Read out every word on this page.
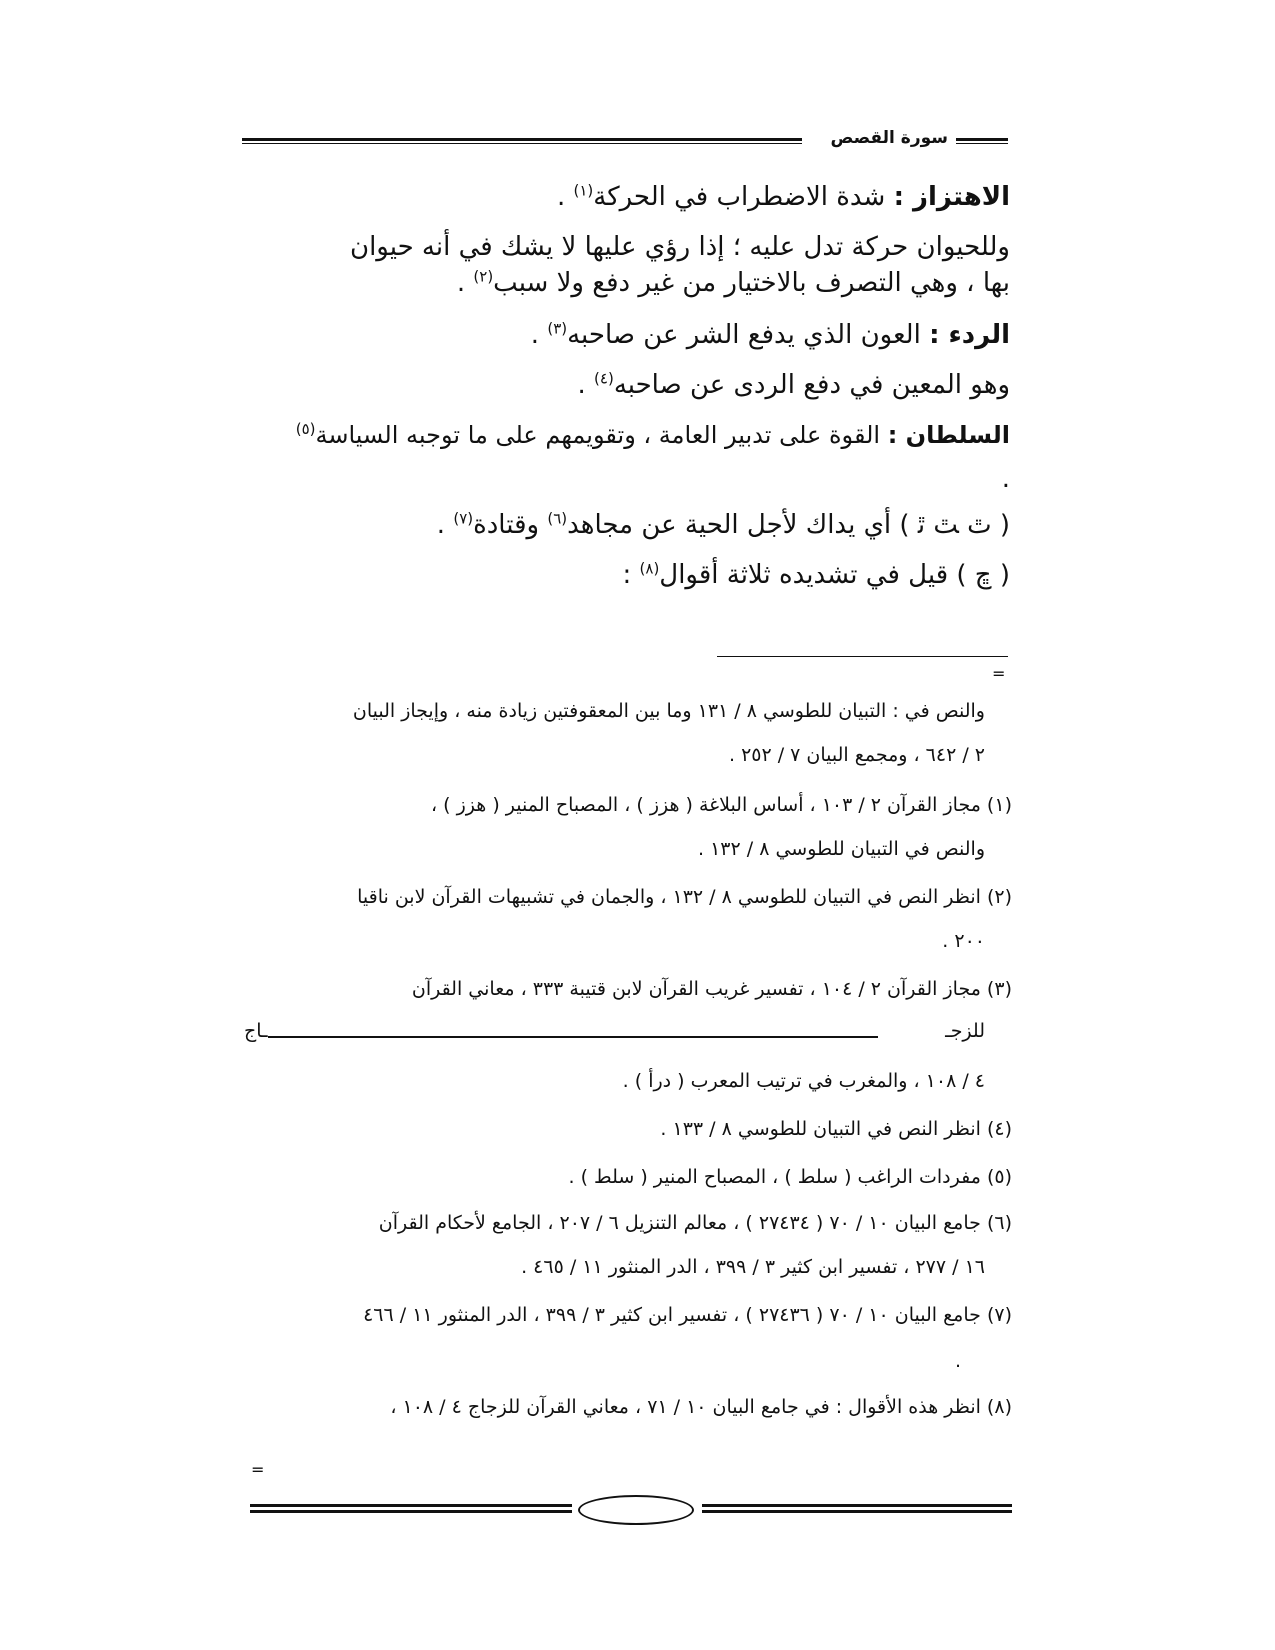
سورة القصص
الاهتزاز : شدة الاضطراب في الحركة$^{(١)}$ .
وللحيوان حركة تدل عليه ؛ إذا رؤي عليها لا يشك في أنه حيوان
بها ، وهي التصرف بالاختيار من غير دفع ولا سبب$^{(٢)}$ .
الردء : العون الذي يدفع الشر عن صاحبه$^{(٣)}$ .
وهو المعين في دفع الردى عن صاحبه$^{(٤)}$ .
السلطان : القوة على تدبير العامة ، وتقويمهم على ما توجبه السياسة$^{(٥)}$
.
( ﭢ ﭣ ﭤ ) أي يداك لأجل الحية عن مجاهد$^{(٦)}$ وقتادة$^{(٧)}$ .
( ﭾ ) قيل في تشديده ثلاثة أقوال$^{(٨)}$ :
=
والنص في : التبيان للطوسي ٨ / ١٣١ وما بين المعقوفتين زيادة منه ، وإيجاز البيان
٢ / ٦٤٢ ، ومجمع البيان ٧ / ٢٥٢ .
(١) مجاز القرآن ٢ / ١٠٣ ، أساس البلاغة ( هزز ) ، المصباح المنير ( هزز ) ،
والنص في التبيان للطوسي ٨ / ١٣٢ .
(٢) انظر النص في التبيان للطوسي ٨ / ١٣٢ ، والجمان في تشبيهات القرآن لابن ناقيا
٢٠٠ .
(٣) مجاز القرآن ٢ / ١٠٤ ، تفسير غريب القرآن لابن قتيبة ٣٣٣ ، معاني القرآن
للزجـ
ـاج
٤ / ١٠٨ ، والمغرب في ترتيب المعرب ( درأ ) .
(٤) انظر النص في التبيان للطوسي ٨ / ١٣٣ .
(٥) مفردات الراغب ( سلط ) ، المصباح المنير ( سلط ) .
(٦) جامع البيان ١٠ / ٧٠ ( ٢٧٤٣٤ ) ، معالم التنزيل ٦ / ٢٠٧ ، الجامع لأحكام القرآن
١٦ / ٢٧٧ ، تفسير ابن كثير ٣ / ٣٩٩ ، الدر المنثور ١١ / ٤٦٥ .
(٧) جامع البيان ١٠ / ٧٠ ( ٢٧٤٣٦ ) ، تفسير ابن كثير ٣ / ٣٩٩ ، الدر المنثور ١١ / ٤٦٦
.
(٨) انظر هذه الأقوال : في جامع البيان ١٠ / ٧١ ، معاني القرآن للزجاج ٤ / ١٠٨ ،
=
